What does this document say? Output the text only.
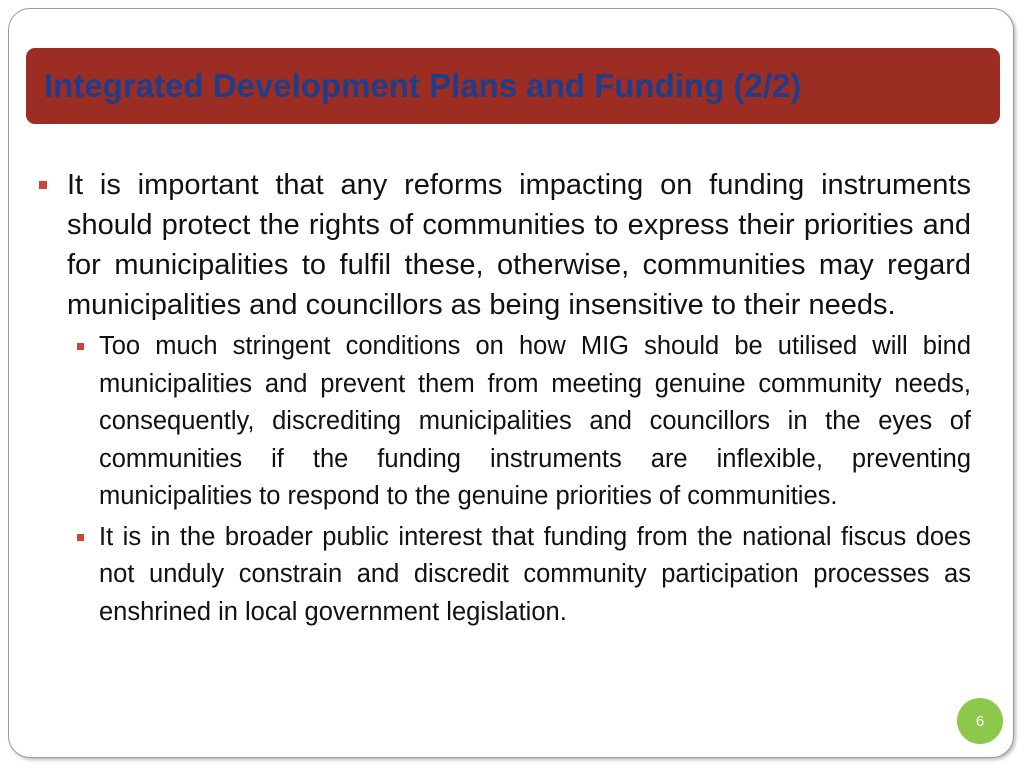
Integrated Development Plans and Funding (2/2)
It is important that any reforms impacting on funding instruments should protect the rights of communities to express their priorities and for municipalities to fulfil these, otherwise, communities may regard municipalities and councillors as being insensitive to their needs.
Too much stringent conditions on how MIG should be utilised will bind municipalities and prevent them from meeting genuine community needs, consequently, discrediting municipalities and councillors in the eyes of communities if the funding instruments are inflexible, preventing municipalities to respond to the genuine priorities of communities.
It is in the broader public interest that funding from the national fiscus does not unduly constrain and discredit community participation processes as enshrined in local government legislation.
6
